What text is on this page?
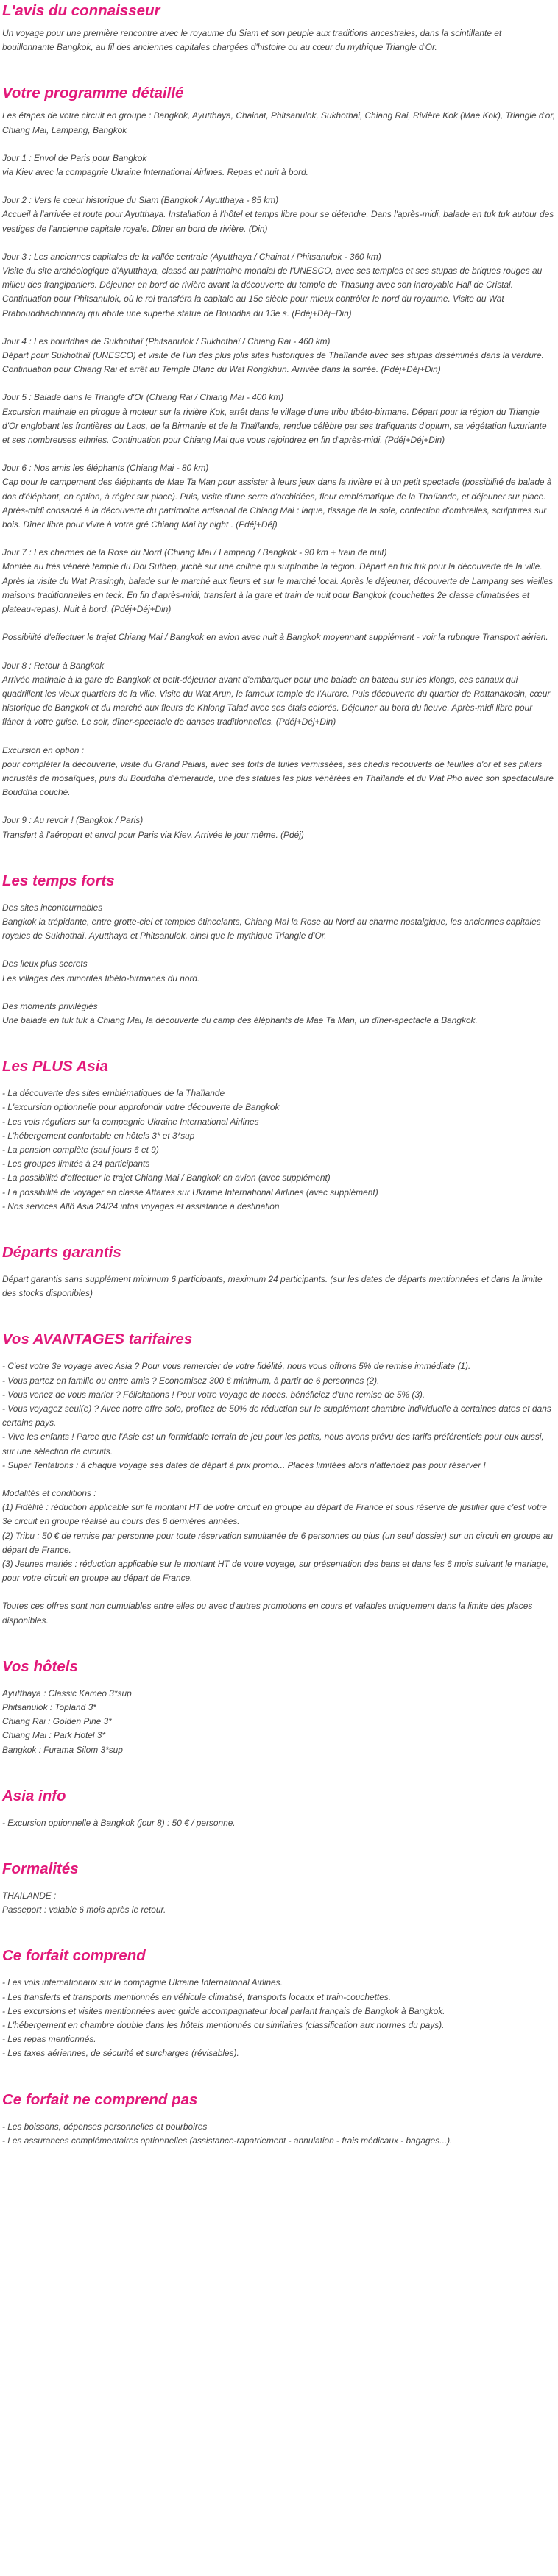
L'avis du connaisseur

Un voyage pour une première rencontre avec le royaume du Siam et son peuple aux traditions ancestrales, dans la scintillante et bouillonnante Bangkok, au fil des anciennes capitales chargées d'histoire ou au cœur du mythique Triangle d'Or.

Votre programme détaillé

Les étapes de votre circuit en groupe : Bangkok, Ayutthaya, Chainat, Phitsanulok, Sukhothai, Chiang Rai, Rivière Kok (Mae Kok), Triangle d'or, Chiang Mai, Lampang, Bangkok

Jour 1 : Envol de Paris pour Bangkok
via Kiev avec la compagnie Ukraine International Airlines. Repas et nuit à bord.
Jour 2 : Vers le cœur historique du Siam (Bangkok / Ayutthaya - 85 km)
Accueil à l'arrivée et route pour Ayutthaya. Installation à l'hôtel et temps libre pour se détendre. Dans l'après-midi, balade en tuk tuk autour des vestiges de l'ancienne capitale royale. Dîner en bord de rivière. (Din)
Jour 3 : Les anciennes capitales de la vallée centrale (Ayutthaya / Chainat / Phitsanulok - 360 km)
Visite du site archéologique d'Ayutthaya, classé au patrimoine mondial de l'UNESCO, avec ses temples et ses stupas de briques rouges au milieu des frangipaniers. Déjeuner en bord de rivière avant la découverte du temple de Thasung avec son incroyable Hall de Cristal. Continuation pour Phitsanulok, où le roi transféra la capitale au 15e siècle pour mieux contrôler le nord du royaume. Visite du Wat Prabouddhachinnaraj qui abrite une superbe statue de Bouddha du 13e s. (Pdéj+Déj+Din)
Jour 4 : Les bouddhas de Sukhothaï (Phitsanulok / Sukhothaï / Chiang Rai - 460 km)
Départ pour Sukhothaï (UNESCO) et visite de l'un des plus jolis sites historiques de Thaïlande avec ses stupas disséminés dans la verdure. Continuation pour Chiang Rai et arrêt au Temple Blanc du Wat Rongkhun. Arrivée dans la soirée. (Pdéj+Déj+Din)
Jour 5 : Balade dans le Triangle d'Or (Chiang Rai / Chiang Mai - 400 km)
Excursion matinale en pirogue à moteur sur la rivière Kok, arrêt dans le village d'une tribu tibéto-birmane. Départ pour la région du Triangle d'Or englobant les frontières du Laos, de la Birmanie et de la Thaïlande, rendue célèbre par ses trafiquants d'opium, sa végétation luxuriante et ses nombreuses ethnies. Continuation pour Chiang Mai que vous rejoindrez en fin d'après-midi. (Pdéj+Déj+Din)
Jour 6 : Nos amis les éléphants (Chiang Mai - 80 km)
Cap pour le campement des éléphants de Mae Ta Man pour assister à leurs jeux dans la rivière et à un petit spectacle (possibilité de balade à dos d'éléphant, en option, à régler sur place). Puis, visite d'une serre d'orchidées, fleur emblématique de la Thaïlande, et déjeuner sur place. Après-midi consacré à la découverte du patrimoine artisanal de Chiang Mai : laque, tissage de la soie, confection d'ombrelles, sculptures sur bois. Dîner libre pour vivre à votre gré Chiang Mai by night . (Pdéj+Déj)
Jour 7 : Les charmes de la Rose du Nord (Chiang Mai / Lampang / Bangkok - 90 km + train de nuit)
Montée au très vénéré temple du Doi Suthep, juché sur une colline qui surplombe la région. Départ en tuk tuk pour la découverte de la ville. Après la visite du Wat Prasingh, balade sur le marché aux fleurs et sur le marché local. Après le déjeuner, découverte de Lampang ses vieilles maisons traditionnelles en teck. En fin d'après-midi, transfert à la gare et train de nuit pour Bangkok (couchettes 2e classe climatisées et plateau-repas). Nuit à bord. (Pdéj+Déj+Din)
Possibilité d'effectuer le trajet Chiang Mai / Bangkok en avion avec nuit à Bangkok moyennant supplément - voir la rubrique Transport aérien.
Jour 8 : Retour à Bangkok
Arrivée matinale à la gare de Bangkok et petit-déjeuner avant d'embarquer pour une balade en bateau sur les klongs, ces canaux qui quadrillent les vieux quartiers de la ville. Visite du Wat Arun, le fameux temple de l'Aurore. Puis découverte du quartier de Rattanakosin, cœur historique de Bangkok et du marché aux fleurs de Khlong Talad avec ses étals colorés. Déjeuner au bord du fleuve. Après-midi libre pour flâner à votre guise. Le soir, dîner-spectacle de danses traditionnelles. (Pdéj+Déj+Din)
Excursion en option :
pour compléter la découverte, visite du Grand Palais, avec ses toits de tuiles vernissées, ses chedis recouverts de feuilles d'or et ses piliers incrustés de mosaïques, puis du Bouddha d'émeraude, une des statues les plus vénérées en Thaïlande et du Wat Pho avec son spectaculaire Bouddha couché.
Jour 9 : Au revoir ! (Bangkok / Paris)
Transfert à l'aéroport et envol pour Paris via Kiev. Arrivée le jour même. (Pdéj)
Les temps forts
Des sites incontournables
Bangkok la trépidante, entre grotte-ciel et temples étincelants, Chiang Mai la Rose du Nord au charme nostalgique, les anciennes capitales royales de Sukhothaï, Ayutthaya et Phitsanulok, ainsi que le mythique Triangle d'Or.
Des lieux plus secrets
Les villages des minorités tibéto-birmanes du nord.
Des moments privilégiés
Une balade en tuk tuk à Chiang Mai, la découverte du camp des éléphants de Mae Ta Man, un dîner-spectacle à Bangkok.
Les PLUS Asia
- La découverte des sites emblématiques de la Thaïlande
- L'excursion optionnelle pour approfondir votre découverte de Bangkok
- Les vols réguliers sur la compagnie Ukraine International Airlines
- L'hébergement confortable en hôtels 3* et 3*sup
- La pension complète (sauf jours 6 et 9)
- Les groupes limités à 24 participants
- La possibilité d'effectuer le trajet Chiang Mai / Bangkok en avion (avec supplément)
- La possibilité de voyager en classe Affaires sur Ukraine International Airlines (avec supplément)
- Nos services Allô Asia 24/24 infos voyages et assistance à destination
Départs garantis

Départ garantis sans supplément minimum 6 participants, maximum 24 participants. (sur les dates de départs mentionnées et dans la limite des stocks disponibles)

Vos AVANTAGES tarifaires
- C'est votre 3e voyage avec Asia ? Pour vous remercier de votre fidélité, nous vous offrons 5% de remise immédiate (1).
- Vous partez en famille ou entre amis ? Economisez 300 € minimum, à partir de 6 personnes (2).
- Vous venez de vous marier ? Félicitations ! Pour votre voyage de noces, bénéficiez d'une remise de 5% (3).
- Vous voyagez seul(e) ? Avec notre offre solo, profitez de 50% de réduction sur le supplément chambre individuelle à certaines dates et dans certains pays.
- Vive les enfants ! Parce que l'Asie est un formidable terrain de jeu pour les petits, nous avons prévu des tarifs préférentiels pour eux aussi, sur une sélection de circuits.
- Super Tentations : à chaque voyage ses dates de départ à prix promo... Places limitées alors n'attendez pas pour réserver !
Modalités et conditions :
(1) Fidélité : réduction applicable sur le montant HT de votre circuit en groupe au départ de France et sous réserve de justifier que c'est votre 3e circuit en groupe réalisé au cours des 6 dernières années.
(2) Tribu : 50 € de remise par personne pour toute réservation simultanée de 6 personnes ou plus (un seul dossier) sur un circuit en groupe au départ de France.
(3) Jeunes mariés : réduction applicable sur le montant HT de votre voyage, sur présentation des bans et dans les 6 mois suivant le mariage, pour votre circuit en groupe au départ de France.

Toutes ces offres sont non cumulables entre elles ou avec d'autres promotions en cours et valables uniquement dans la limite des places disponibles.

Vos hôtels
Ayutthaya : Classic Kameo 3*sup
Phitsanulok : Topland 3*
Chiang Rai : Golden Pine 3*
Chiang Mai : Park Hotel 3*
Bangkok : Furama Silom 3*sup
Asia info

- Excursion optionnelle à Bangkok (jour 8) : 50 € / personne.

Formalités
THAILANDE :
Passeport : valable 6 mois après le retour.
Ce forfait comprend
- Les vols internationaux sur la compagnie Ukraine International Airlines.
- Les transferts et transports mentionnés en véhicule climatisé, transports locaux et train-couchettes.
- Les excursions et visites mentionnées avec guide accompagnateur local parlant français de Bangkok à Bangkok.
- L'hébergement en chambre double dans les hôtels mentionnés ou similaires (classification aux normes du pays).
- Les repas mentionnés.
- Les taxes aériennes, de sécurité et surcharges (révisables).
Ce forfait ne comprend pas
- Les boissons, dépenses personnelles et pourboires
- Les assurances complémentaires optionnelles (assistance-rapatriement - annulation - frais médicaux - bagages...).
